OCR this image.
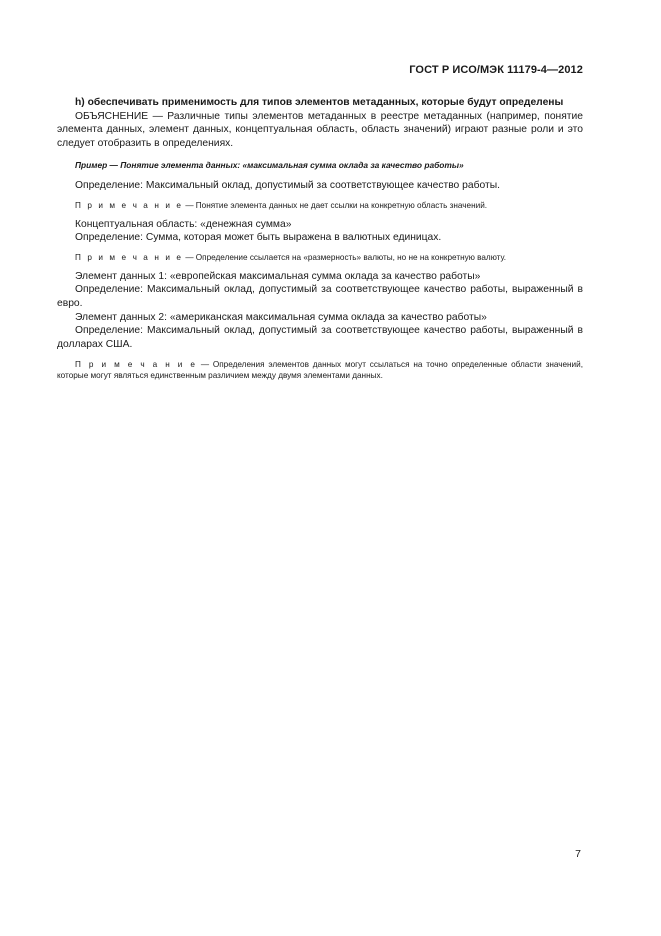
ГОСТ Р ИСО/МЭК 11179-4—2012

h) обеспечивать применимость для типов элементов метаданных, которые будут определены

ОБЪЯСНЕНИЕ — Различные типы элементов метаданных в реестре метаданных (например, понятие элемента данных, элемент данных, концептуальная область, область значений) играют разные роли и это следует отобразить в определениях.

Пример — Понятие элемента данных: «максимальная сумма оклада за качество работы»

Определение: Максимальный оклад, допустимый за соответствующее качество работы.

П р и м е ч а н и е — Понятие элемента данных не дает ссылки на конкретную область значений.

Концептуальная область: «денежная сумма»

Определение: Сумма, которая может быть выражена в валютных единицах.

П р и м е ч а н и е — Определение ссылается на «размерность» валюты, но не на конкретную валюту.

Элемент данных 1: «европейская максимальная сумма оклада за качество работы»

Определение: Максимальный оклад, допустимый за соответствующее качество работы, выраженный в евро.

Элемент данных 2: «американская максимальная сумма оклада за качество работы»

Определение: Максимальный оклад, допустимый за соответствующее качество работы, выраженный в долларах США.

П р и м е ч а н и е — Определения элементов данных могут ссылаться на точно определенные области значений, которые могут являться единственным различием между двумя элементами данных.

7
